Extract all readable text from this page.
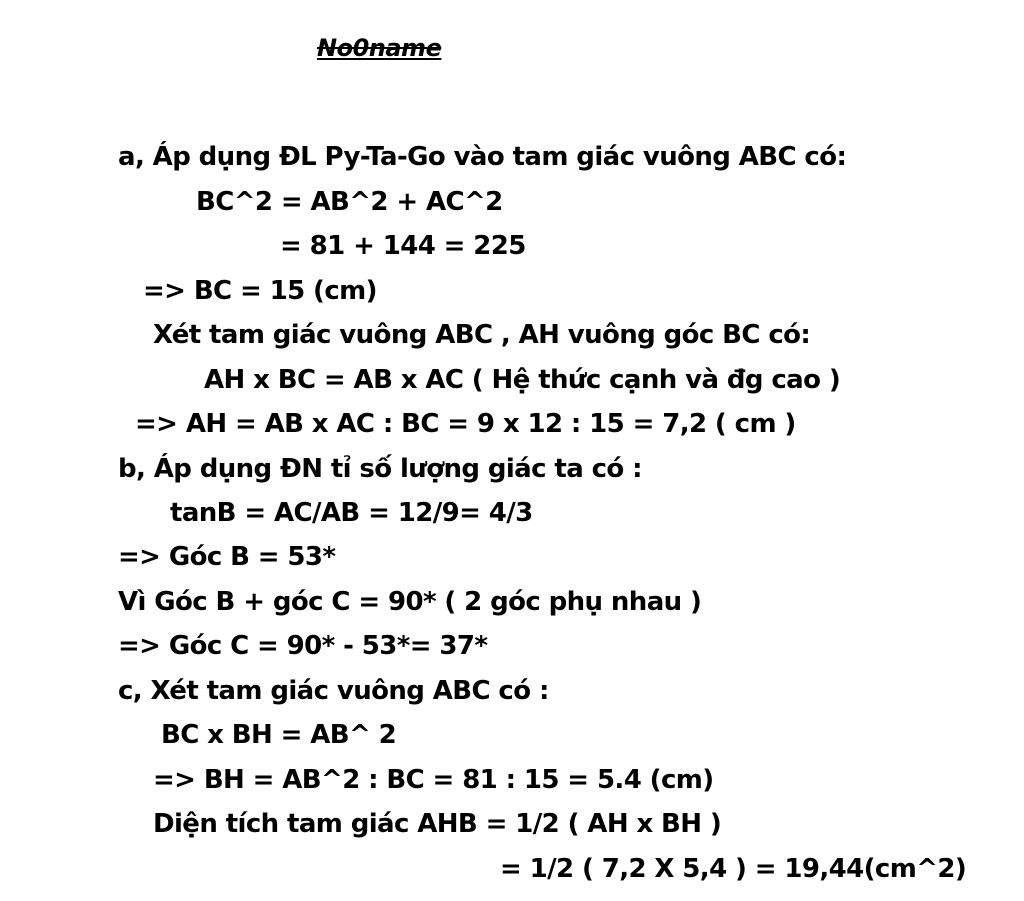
No0name
a, Áp dụng ĐL Py-Ta-Go vào tam giác vuông ABC có:
BC^2 = AB^2 + AC^2
= 81 + 144 = 225
=> BC = 15 (cm)
Xét tam giác vuông ABC , AH vuông góc BC có:
AH x BC = AB x AC ( Hệ thức cạnh và đg cao )
=> AH = AB x AC : BC = 9 x 12 : 15 = 7,2 ( cm )
b, Áp dụng ĐN tỉ số lượng giác ta có :
tanB = AC/AB = 12/9= 4/3
=> Góc B = 53*
Vì Góc B + góc C = 90* ( 2 góc phụ nhau )
=> Góc C = 90* - 53*= 37*
c, Xét tam giác vuông ABC có :
BC x BH = AB^ 2
=> BH = AB^2 : BC = 81 : 15 = 5.4 (cm)
Diện tích tam giác AHB = 1/2 ( AH x BH )
= 1/2 ( 7,2 X 5,4 ) = 19,44(cm^2)
